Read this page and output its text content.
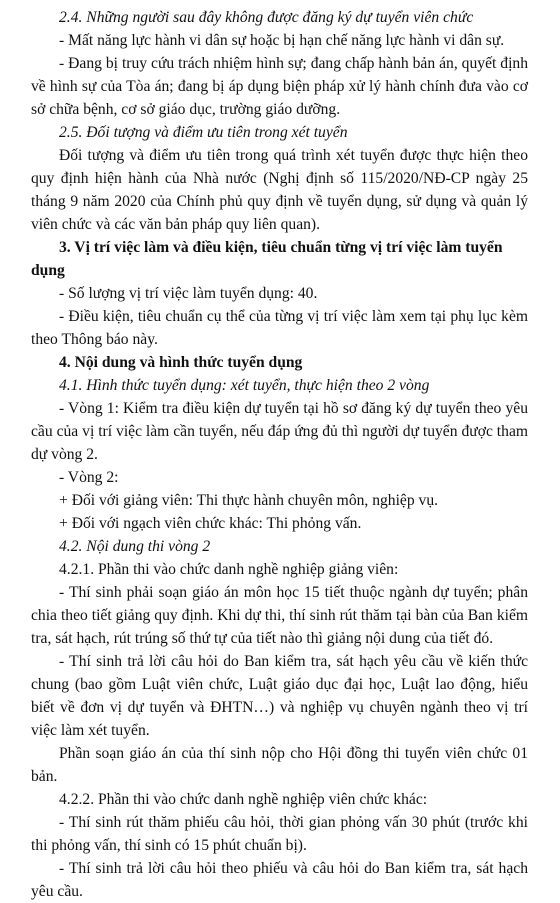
2.4. Những người sau đây không được đăng ký dự tuyển viên chức

- Mất năng lực hành vi dân sự hoặc bị hạn chế năng lực hành vi dân sự.

- Đang bị truy cứu trách nhiệm hình sự; đang chấp hành bản án, quyết định về hình sự của Tòa án; đang bị áp dụng biện pháp xử lý hành chính đưa vào cơ sở chữa bệnh, cơ sở giáo dục, trường giáo dưỡng.

2.5. Đối tượng và điểm ưu tiên trong xét tuyển

Đối tượng và điểm ưu tiên trong quá trình xét tuyển được thực hiện theo quy định hiện hành của Nhà nước (Nghị định số 115/2020/NĐ-CP ngày 25 tháng 9 năm 2020 của Chính phủ quy định về tuyển dụng, sử dụng và quản lý viên chức và các văn bản pháp quy liên quan).

3. Vị trí việc làm và điều kiện, tiêu chuẩn từng vị trí việc làm tuyển dụng

- Số lượng vị trí việc làm tuyển dụng: 40.

- Điều kiện, tiêu chuẩn cụ thể của từng vị trí việc làm xem tại phụ lục kèm theo Thông báo này.

4. Nội dung và hình thức tuyển dụng

4.1. Hình thức tuyển dụng: xét tuyển, thực hiện theo 2 vòng

- Vòng 1: Kiểm tra điều kiện dự tuyển tại hồ sơ đăng ký dự tuyển theo yêu cầu của vị trí việc làm cần tuyển, nếu đáp ứng đủ thì người dự tuyển được tham dự vòng 2.

- Vòng 2:

+ Đối với giảng viên: Thi thực hành chuyên môn, nghiệp vụ.

+ Đối với ngạch viên chức khác: Thi phỏng vấn.

4.2. Nội dung thi vòng 2

4.2.1. Phần thi vào chức danh nghề nghiệp giảng viên:

- Thí sinh phải soạn giáo án môn học 15 tiết thuộc ngành dự tuyển; phân chia theo tiết giảng quy định. Khi dự thi, thí sinh rút thăm tại bàn của Ban kiểm tra, sát hạch, rút trúng số thứ tự của tiết nào thì giảng nội dung của tiết đó.

- Thí sinh trả lời câu hỏi do Ban kiểm tra, sát hạch yêu cầu về kiến thức chung (bao gồm Luật viên chức, Luật giáo dục đại học, Luật lao động, hiểu biết về đơn vị dự tuyển và ĐHTN…) và nghiệp vụ chuyên ngành theo vị trí việc làm xét tuyển.

Phần soạn giáo án của thí sinh nộp cho Hội đồng thi tuyển viên chức 01 bản.

4.2.2. Phần thi vào chức danh nghề nghiệp viên chức khác:

- Thí sinh rút thăm phiếu câu hỏi, thời gian phỏng vấn 30 phút (trước khi thi phỏng vấn, thí sinh có 15 phút chuẩn bị).

- Thí sinh trả lời câu hỏi theo phiếu và câu hỏi do Ban kiểm tra, sát hạch yêu cầu.
